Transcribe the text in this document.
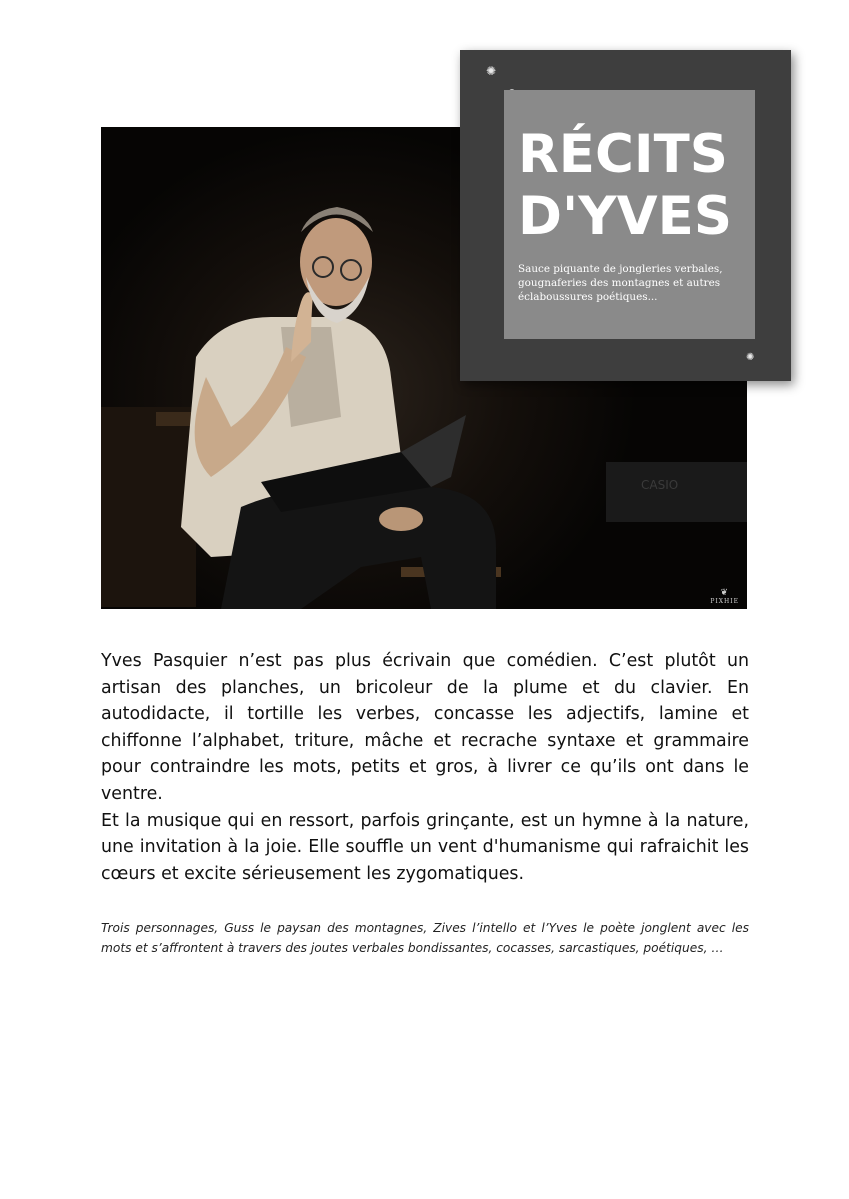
CASIO
❦
PIXHIE
✺
✺
RÉCITS
D'YVES
Sauce piquante de jongleries verbales, gougnaferies des montagnes et autres éclaboussures poétiques...

Yves Pasquier n’est pas plus écrivain que comédien. C’est plutôt un artisan des planches, un bricoleur de la plume et du clavier. En autodidacte, il tortille les verbes, concasse les adjectifs, lamine et chiffonne l’alphabet, triture, mâche et recrache syntaxe et grammaire pour contraindre les mots, petits et gros, à livrer ce qu’ils ont dans le ventre.

Et la musique qui en ressort, parfois grinçante, est un hymne à la nature, une invitation à la joie. Elle souffle un vent d'humanisme qui rafraichit les cœurs et excite sérieusement les zygomatiques.

Trois personnages, Guss le paysan des montagnes, Zives l’intello et l’Yves le poète jonglent avec les mots et s’affrontent à travers des joutes verbales bondissantes, cocasses, sarcastiques, poétiques, …
